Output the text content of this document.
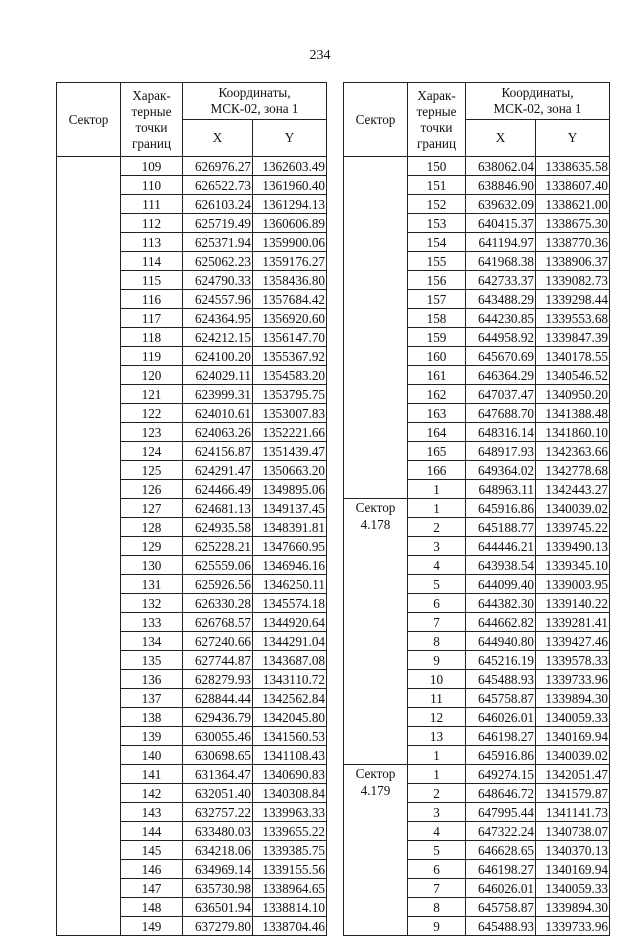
234
Сектор	Харак-
терные
точки
границ	Координаты,
МСК-02, зона 1	

		X	Y
	109	626976.27	1362603.49
	110	626522.73	1361960.40
	111	626103.24	1361294.13
	112	625719.49	1360606.89
	113	625371.94	1359900.06
	114	625062.23	1359176.27
	115	624790.33	1358436.80
	116	624557.96	1357684.42
	117	624364.95	1356920.60
	118	624212.15	1356147.70
	119	624100.20	1355367.92
	120	624029.11	1354583.20
	121	623999.31	1353795.75
	122	624010.61	1353007.83
	123	624063.26	1352221.66
	124	624156.87	1351439.47
	125	624291.47	1350663.20
	126	624466.49	1349895.06
	127	624681.13	1349137.45
	128	624935.58	1348391.81
	129	625228.21	1347660.95
	130	625559.06	1346946.16
	131	625926.56	1346250.11
	132	626330.28	1345574.18
	133	626768.57	1344920.64
	134	627240.66	1344291.04
	135	627744.87	1343687.08
	136	628279.93	1343110.72
	137	628844.44	1342562.84
	138	629436.79	1342045.80
	139	630055.46	1341560.53
	140	630698.65	1341108.43
	141	631364.47	1340690.83
	142	632051.40	1340308.84
	143	632757.22	1339963.33
	144	633480.03	1339655.22
	145	634218.06	1339385.75
	146	634969.14	1339155.56
	147	635730.98	1338964.65
	148	636501.94	1338814.10
	149	637279.80	1338704.46
Сектор	Харак-
терные
точки
границ	Координаты,
МСК-02, зона 1	

		X	Y
	150	638062.04	1338635.58
	151	638846.90	1338607.40
	152	639632.09	1338621.00
	153	640415.37	1338675.30
	154	641194.97	1338770.36
	155	641968.38	1338906.37
	156	642733.37	1339082.73
	157	643488.29	1339298.44
	158	644230.85	1339553.68
	159	644958.92	1339847.39
	160	645670.69	1340178.55
	161	646364.29	1340546.52
	162	647037.47	1340950.20
	163	647688.70	1341388.48
	164	648316.14	1341860.10
	165	648917.93	1342363.66
	166	649364.02	1342778.68
	1	648963.11	1342443.27

Сектор
4.178	1	645916.86	1340039.02
	2	645188.77	1339745.22
	3	644446.21	1339490.13
	4	643938.54	1339345.10
	5	644099.40	1339003.95
	6	644382.30	1339140.22
	7	644662.82	1339281.41
	8	644940.80	1339427.46
	9	645216.19	1339578.33
	10	645488.93	1339733.96
	11	645758.87	1339894.30
	12	646026.01	1340059.33
	13	646198.27	1340169.94
	1	645916.86	1340039.02

Сектор
4.179	1	649274.15	1342051.47
	2	648646.72	1341579.87
	3	647995.44	1341141.73
	4	647322.24	1340738.07
	5	646628.65	1340370.13
	6	646198.27	1340169.94
	7	646026.01	1340059.33
	8	645758.87	1339894.30
	9	645488.93	1339733.96
